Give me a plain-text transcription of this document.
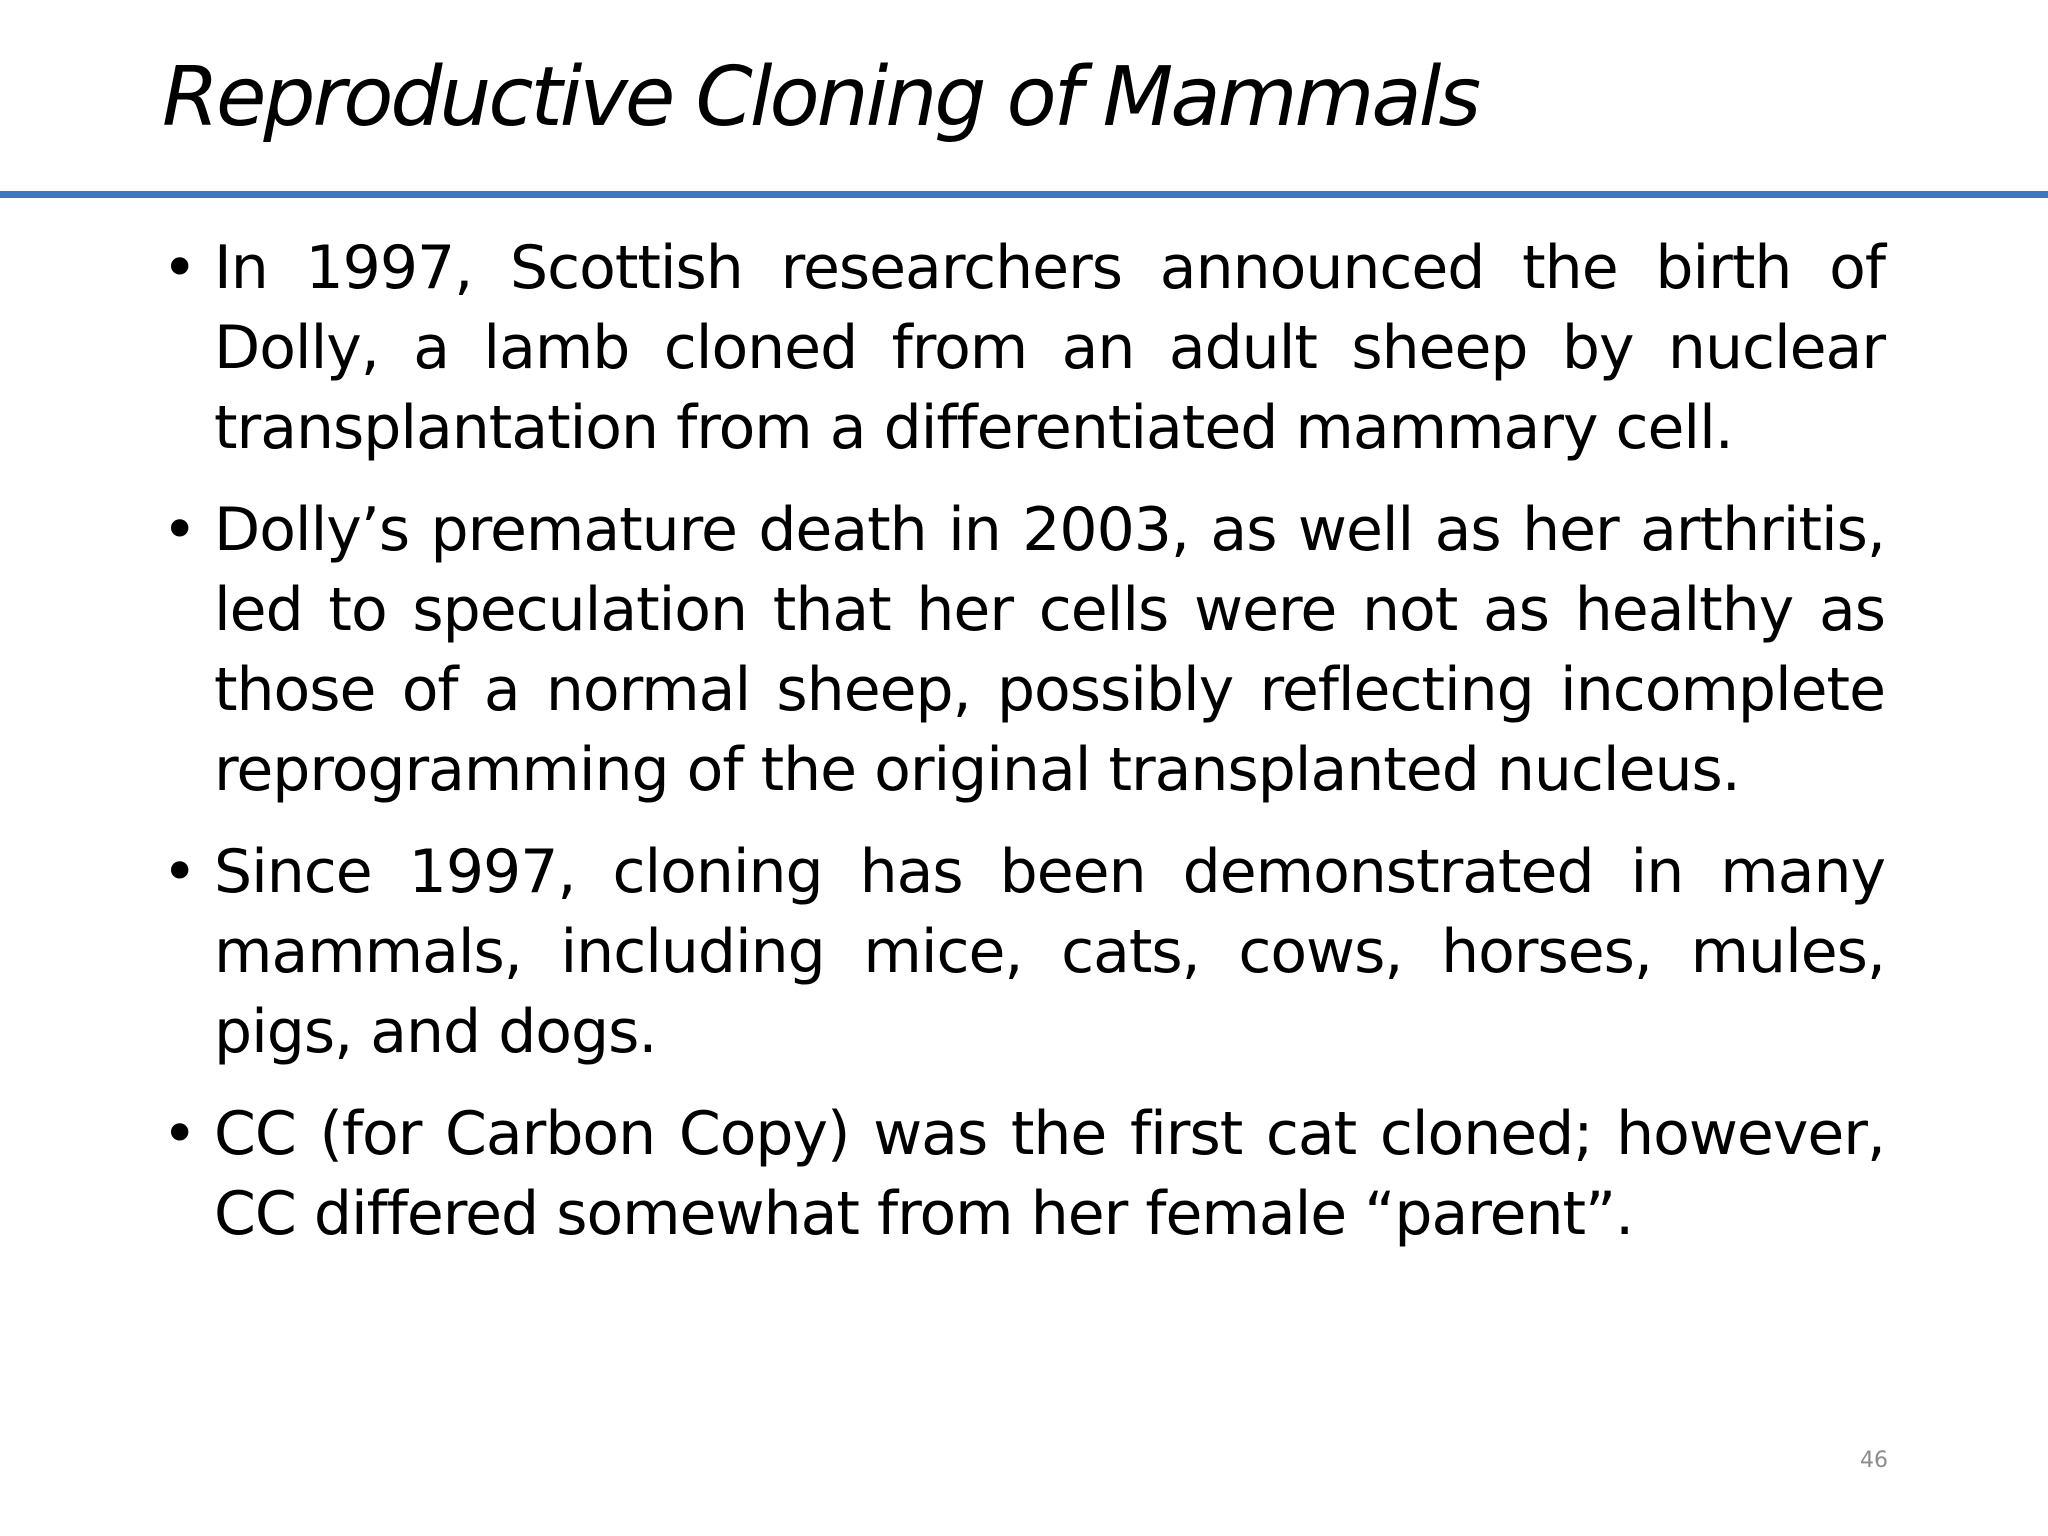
Reproductive Cloning of Mammals
• In 1997, Scottish researchers announced the birth of Dolly, a lamb cloned from an adult sheep by nuclear transplantation from a differentiated mammary cell.
• Dolly’s premature death in 2003, as well as her arthritis, led to speculation that her cells were not as healthy as those of a normal sheep, possibly reflecting incomplete reprogramming of the original transplanted nucleus.
• Since 1997, cloning has been demonstrated in many mammals, including mice, cats, cows, horses, mules, pigs, and dogs.
• CC (for Carbon Copy) was the first cat cloned; however, CC differed somewhat from her female “parent”.
46
